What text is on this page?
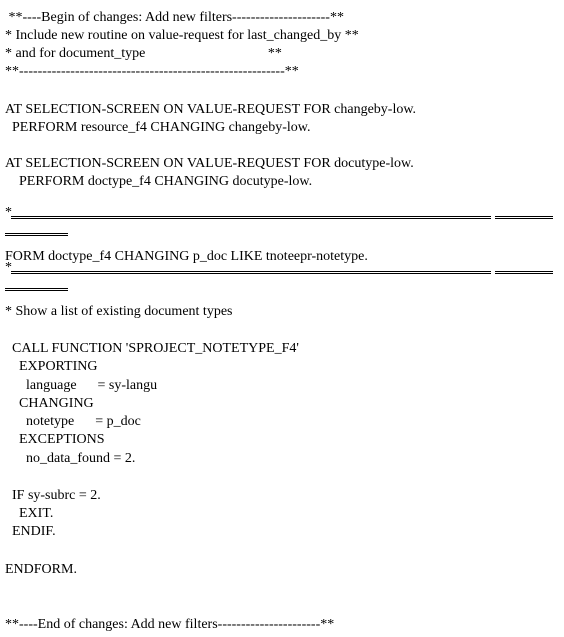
**----Begin of changes: Add new filters---------------------**
* Include new routine on value-request for last_changed_by **
* and for document_type                                   **
**---------------------------------------------------------**
AT SELECTION-SCREEN ON VALUE-REQUEST FOR changeby-low.
PERFORM resource_f4 CHANGING changeby-low.
AT SELECTION-SCREEN ON VALUE-REQUEST FOR docutype-low.
PERFORM doctype_f4 CHANGING docutype-low.
*
FORM doctype_f4 CHANGING p_doc LIKE tnoteepr-notetype.
*
* Show a list of existing document types
CALL FUNCTION 'SPROJECT_NOTETYPE_F4'
EXPORTING
language      = sy-langu
CHANGING
notetype      = p_doc
EXCEPTIONS
no_data_found = 2.
IF sy-subrc = 2.
EXIT.
ENDIF.
ENDFORM.
**----End of changes: Add new filters----------------------**
